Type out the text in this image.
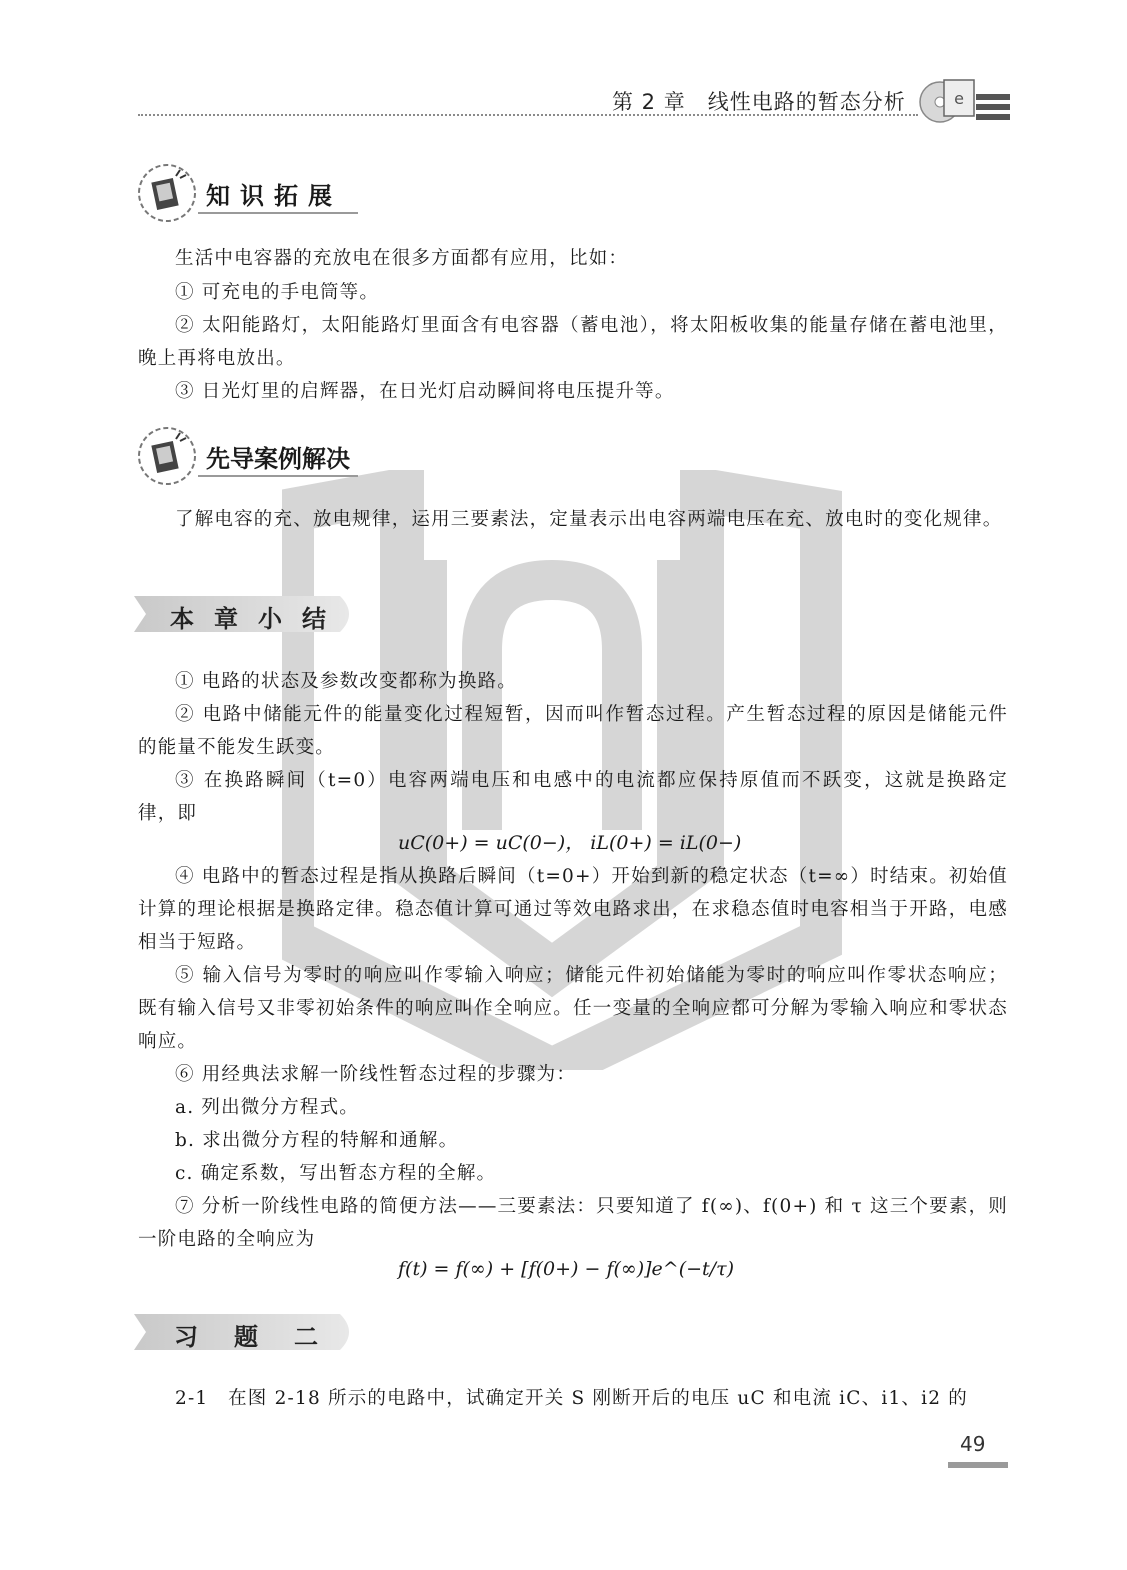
第 2 章　线性电路的暂态分析	e
知识拓展
生活中电容器的充放电在很多方面都有应用，比如：
① 可充电的手电筒等。
② 太阳能路灯，太阳能路灯里面含有电容器（蓄电池），将太阳板收集的能量存储在蓄电池里，晚上再将电放出。
③ 日光灯里的启辉器，在日光灯启动瞬间将电压提升等。
先导案例解决
了解电容的充、放电规律，运用三要素法，定量表示出电容两端电压在充、放电时的变化规律。
本章小结
① 电路的状态及参数改变都称为换路。
② 电路中储能元件的能量变化过程短暂，因而叫作暂态过程。产生暂态过程的原因是储能元件的能量不能发生跃变。
③ 在换路瞬间（t=0）电容两端电压和电感中的电流都应保持原值而不跃变，这就是换路定律，即
uC(0+) = uC(0−)， iL(0+) = iL(0−)
④ 电路中的暂态过程是指从换路后瞬间（t=0+）开始到新的稳定状态（t=∞）时结束。初始值计算的理论根据是换路定律。稳态值计算可通过等效电路求出，在求稳态值时电容相当于开路，电感相当于短路。
⑤ 输入信号为零时的响应叫作零输入响应；储能元件初始储能为零时的响应叫作零状态响应；既有输入信号又非零初始条件的响应叫作全响应。任一变量的全响应都可分解为零输入响应和零状态响应。
⑥ 用经典法求解一阶线性暂态过程的步骤为：
a. 列出微分方程式。
b. 求出微分方程的特解和通解。
c. 确定系数，写出暂态方程的全解。
⑦ 分析一阶线性电路的简便方法——三要素法：只要知道了 f(∞)、f(0+) 和 τ 这三个要素，则一阶电路的全响应为
f(t) = f(∞) + [f(0+) − f(∞)]e^(−t/τ)
习题二
2-1　在图 2-18 所示的电路中，试确定开关 S 刚断开后的电压 uC 和电流 iC、i1、i2 的
49
